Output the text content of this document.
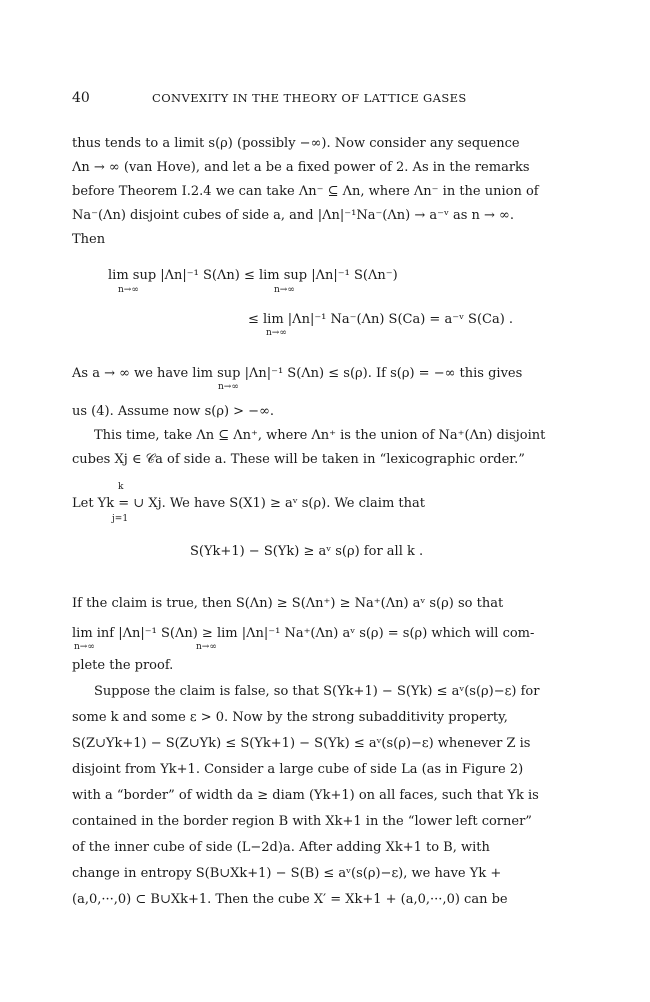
40	CONVEXITY IN THE THEORY OF LATTICE GASES
thus tends to a limit s(ρ) (possibly −∞). Now consider any sequence
Λn → ∞ (van Hove), and let a be a fixed power of 2. As in the remarks
before Theorem I.2.4 we can take Λn⁻ ⊆ Λn, where Λn⁻ in the union of
Na⁻(Λn) disjoint cubes of side a, and |Λn|⁻¹Na⁻(Λn) → a⁻ᵛ as n → ∞.
Then
lim sup |Λn|⁻¹ S(Λn) ≤ lim sup |Λn|⁻¹ S(Λn⁻)
n→∞	n→∞
≤ lim |Λn|⁻¹ Na⁻(Λn) S(Ca) = a⁻ᵛ S(Ca) .
n→∞
As a → ∞ we have lim sup |Λn|⁻¹ S(Λn) ≤ s(ρ). If s(ρ) = −∞ this gives
n→∞
us (4). Assume now s(ρ) > −∞.
This time, take Λn ⊆ Λn⁺, where Λn⁺ is the union of Na⁺(Λn) disjoint
cubes Xj ∈ 𝒞a of side a. These will be taken in “lexicographic order.”
k
Let Yk = ∪ Xj. We have S(X1) ≥ aᵛ s(ρ). We claim that
j=1
S(Yk+1) − S(Yk) ≥ aᵛ s(ρ) for all k .
If the claim is true, then S(Λn) ≥ S(Λn⁺) ≥ Na⁺(Λn) aᵛ s(ρ) so that
lim inf |Λn|⁻¹ S(Λn) ≥ lim |Λn|⁻¹ Na⁺(Λn) aᵛ s(ρ) = s(ρ) which will com-
n→∞	n→∞
plete the proof.
Suppose the claim is false, so that S(Yk+1) − S(Yk) ≤ aᵛ(s(ρ)−ε) for
some k and some ε > 0. Now by the strong subadditivity property,
S(Z∪Yk+1) − S(Z∪Yk) ≤ S(Yk+1) − S(Yk) ≤ aᵛ(s(ρ)−ε) whenever Z is
disjoint from Yk+1. Consider a large cube of side La (as in Figure 2)
with a “border” of width da ≥ diam (Yk+1) on all faces, such that Yk is
contained in the border region B with Xk+1 in the “lower left corner”
of the inner cube of side (L−2d)a. After adding Xk+1 to B, with
change in entropy S(B∪Xk+1) − S(B) ≤ aᵛ(s(ρ)−ε), we have Yk +
(a,0,···,0) ⊂ B∪Xk+1. Then the cube X′ = Xk+1 + (a,0,···,0) can be
